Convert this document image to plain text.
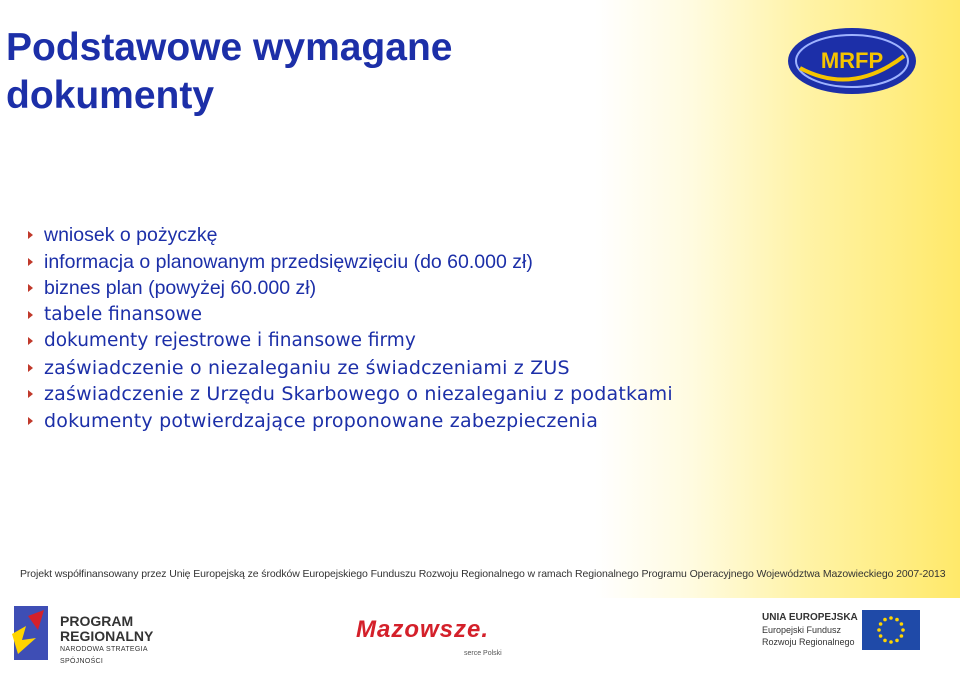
Podstawowe wymagane
dokumenty
MRFP
wniosek o pożyczkę
informacja o planowanym przedsięwzięciu (do 60.000 zł)
biznes plan (powyżej 60.000 zł)
tabele finansowe
dokumenty rejestrowe i finansowe firmy
zaświadczenie o niezaleganiu ze świadczeniami z ZUS
zaświadczenie z Urzędu Skarbowego o niezaleganiu z podatkami
dokumenty potwierdzające proponowane zabezpieczenia
Projekt współfinansowany przez Unię Europejską ze środków Europejskiego Funduszu Rozwoju Regionalnego w ramach Regionalnego Programu Operacyjnego Województwa Mazowieckiego 2007-2013
PROGRAM
REGIONALNY
NARODOWA STRATEGIA SPÓJNOŚCI
Mazowsze.
serce Polski
UNIA EUROPEJSKA
Europejski Fundusz
Rozwoju Regionalnego
